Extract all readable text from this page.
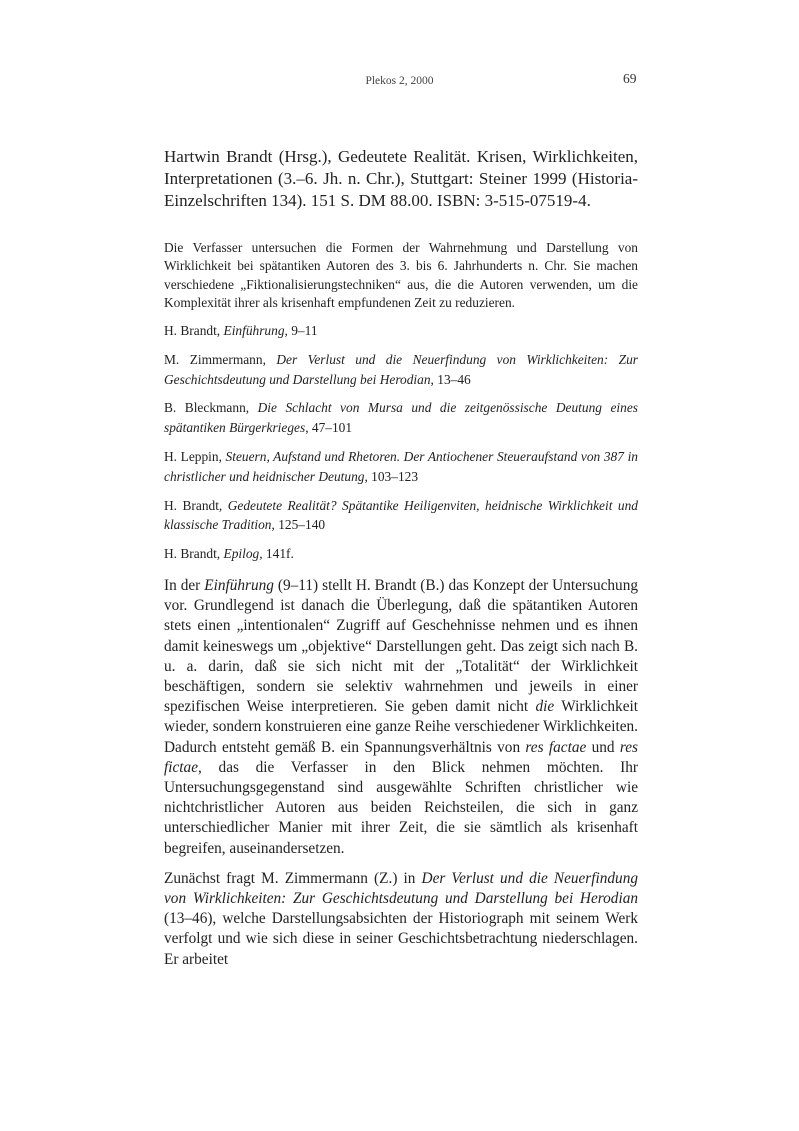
Plekos 2, 2000	69
Hartwin Brandt (Hrsg.), Gedeutete Realität. Krisen, Wirklichkeiten, Interpretationen (3.–6. Jh. n. Chr.), Stuttgart: Steiner 1999 (Historia-Einzelschriften 134). 151 S. DM 88.00. ISBN: 3-515-07519-4.

Die Verfasser untersuchen die Formen der Wahrnehmung und Darstellung von Wirklichkeit bei spätantiken Autoren des 3. bis 6. Jahrhunderts n. Chr. Sie machen verschiedene „Fiktionalisierungstechniken“ aus, die die Autoren verwenden, um die Komplexität ihrer als krisenhaft empfundenen Zeit zu reduzieren.

H. Brandt, Einführung, 9–11

M. Zimmermann, Der Verlust und die Neuerfindung von Wirklichkeiten: Zur Geschichtsdeutung und Darstellung bei Herodian, 13–46

B. Bleckmann, Die Schlacht von Mursa und die zeitgenössische Deutung eines spätantiken Bürgerkrieges, 47–101

H. Leppin, Steuern, Aufstand und Rhetoren. Der Antiochener Steueraufstand von 387 in christlicher und heidnischer Deutung, 103–123

H. Brandt, Gedeutete Realität? Spätantike Heiligenviten, heidnische Wirklichkeit und klassische Tradition, 125–140

H. Brandt, Epilog, 141f.

In der Einführung (9–11) stellt H. Brandt (B.) das Konzept der Untersuchung vor. Grundlegend ist danach die Überlegung, daß die spätantiken Autoren stets einen „intentionalen“ Zugriff auf Geschehnisse nehmen und es ihnen damit keineswegs um „objektive“ Darstellungen geht. Das zeigt sich nach B. u. a. darin, daß sie sich nicht mit der „Totalität“ der Wirklichkeit beschäftigen, sondern sie selektiv wahrnehmen und jeweils in einer spezifischen Weise interpretieren. Sie geben damit nicht die Wirklichkeit wieder, sondern konstruieren eine ganze Reihe verschiedener Wirklichkeiten. Dadurch entsteht gemäß B. ein Spannungsverhältnis von res factae und res fictae, das die Verfasser in den Blick nehmen möchten. Ihr Untersuchungsgegenstand sind ausgewählte Schriften christlicher wie nichtchristlicher Autoren aus beiden Reichsteilen, die sich in ganz unterschiedlicher Manier mit ihrer Zeit, die sie sämtlich als krisenhaft begreifen, auseinandersetzen.

Zunächst fragt M. Zimmermann (Z.) in Der Verlust und die Neuerfindung von Wirklichkeiten: Zur Geschichtsdeutung und Darstellung bei Herodian (13–46), welche Darstellungsabsichten der Historiograph mit seinem Werk verfolgt und wie sich diese in seiner Geschichtsbetrachtung niederschlagen. Er arbeitet
